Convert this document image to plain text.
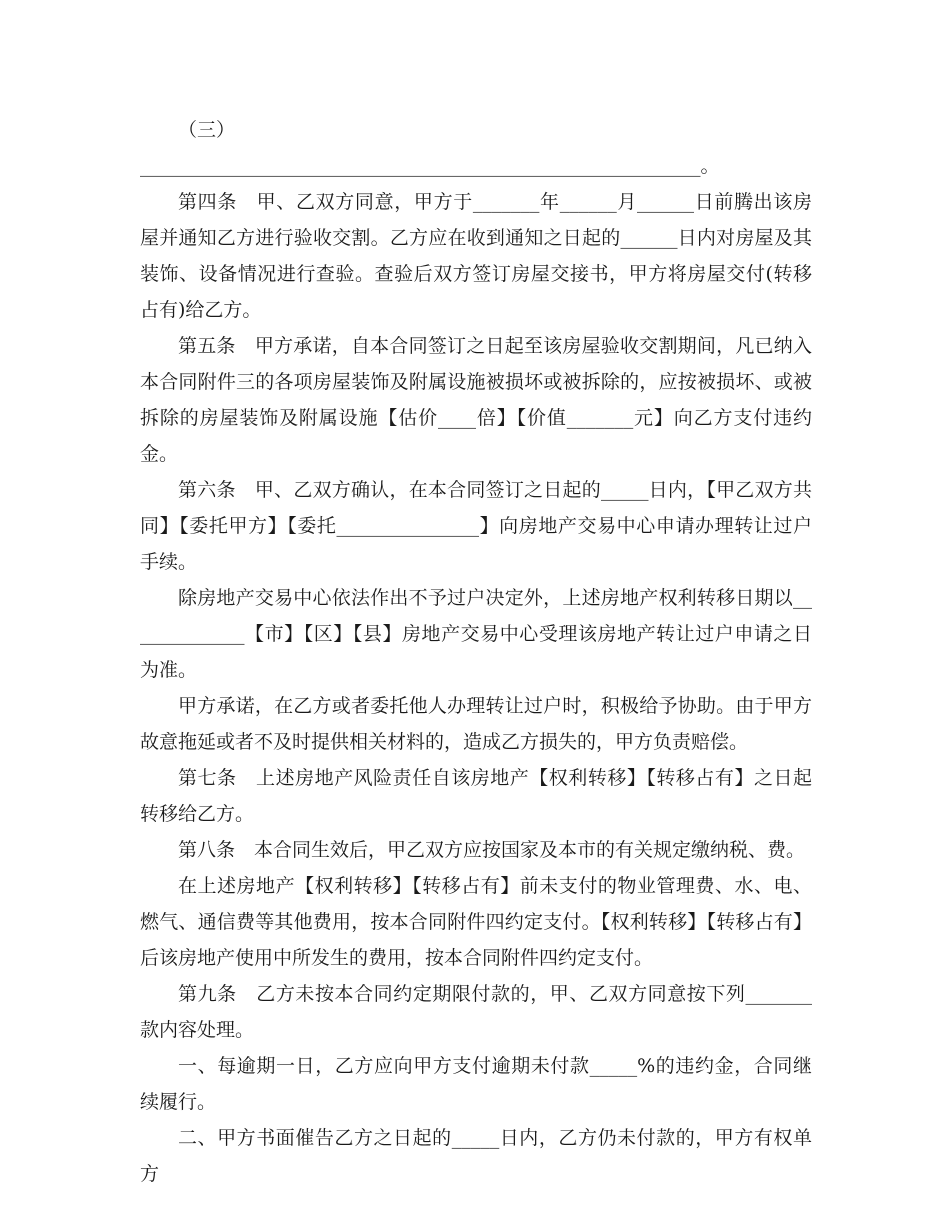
（三）

___________________________________________________________。

第四条　甲、乙双方同意，甲方于_______年______月______日前腾出该房屋并通知乙方进行验收交割。乙方应在收到通知之日起的______日内对房屋及其装饰、设备情况进行查验。查验后双方签订房屋交接书，甲方将房屋交付(转移占有)给乙方。

第五条　甲方承诺，自本合同签订之日起至该房屋验收交割期间，凡已纳入本合同附件三的各项房屋装饰及附属设施被损坏或被拆除的，应按被损坏、或被拆除的房屋装饰及附属设施【估价____倍】【价值_______元】向乙方支付违约金。

第六条　甲、乙双方确认，在本合同签订之日起的_____日内，【甲乙双方共同】【委托甲方】【委托_______________】向房地产交易中心申请办理转让过户手续。

除房地产交易中心依法作出不予过户决定外，上述房地产权利转移日期以_____________【市】【区】【县】房地产交易中心受理该房地产转让过户申请之日为准。

甲方承诺，在乙方或者委托他人办理转让过户时，积极给予协助。由于甲方故意拖延或者不及时提供相关材料的，造成乙方损失的，甲方负责赔偿。

第七条　上述房地产风险责任自该房地产【权利转移】【转移占有】之日起转移给乙方。

第八条　本合同生效后，甲乙双方应按国家及本市的有关规定缴纳税、费。

在上述房地产【权利转移】【转移占有】前未支付的物业管理费、水、电、燃气、通信费等其他费用，按本合同附件四约定支付。【权利转移】【转移占有】后该房地产使用中所发生的费用，按本合同附件四约定支付。

第九条　乙方未按本合同约定期限付款的，甲、乙双方同意按下列_______款内容处理。

一、每逾期一日，乙方应向甲方支付逾期未付款_____%的违约金，合同继续履行。

二、甲方书面催告乙方之日起的_____日内，乙方仍未付款的，甲方有权单方
